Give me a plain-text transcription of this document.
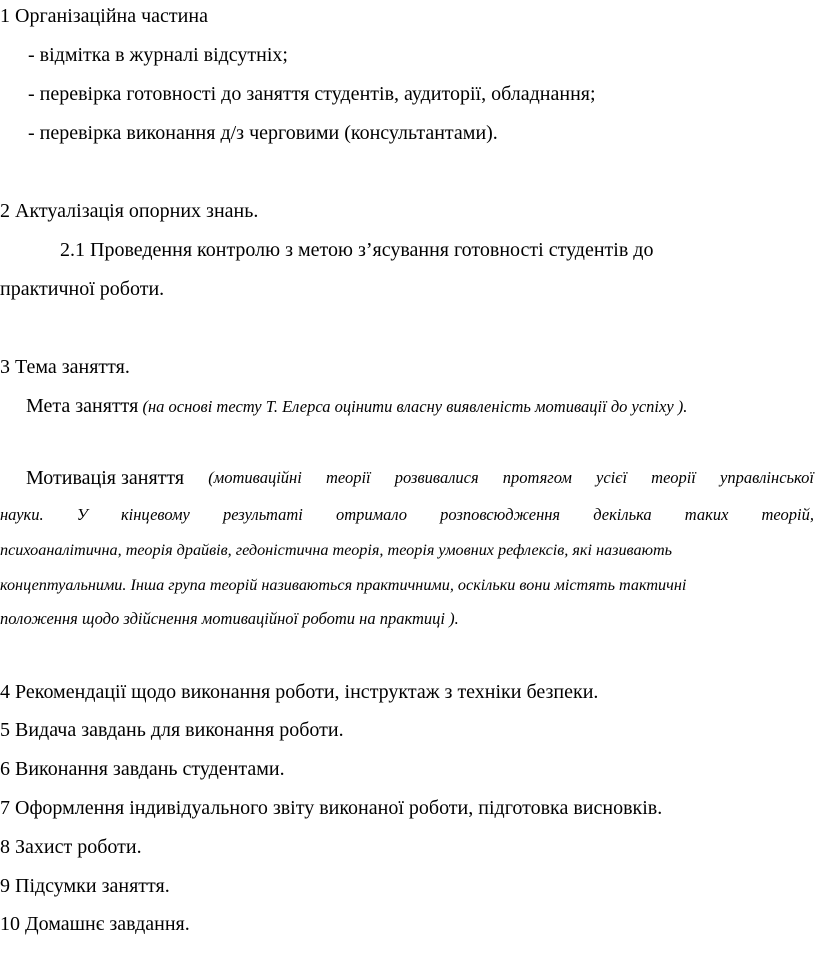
1 Організаційна частина

- відмітка в журналі відсутніх;

- перевірка готовності до заняття студентів, аудиторії, обладнання;

- перевірка виконання д/з черговими (консультантами).

2 Актуалізація опорних знань.

2.1 Проведення контролю з метою з’ясування готовності студентів до

практичної роботи.

3 Тема заняття.

Мета заняття (на основі тесту Т. Елерса оцінити власну виявленість мотивації до успіху ).

Мотивація заняття (мотиваційні теорії розвивалися протягом усієї теорії управлінської
науки. У кінцевому результаті отримало розповсюдження декілька таких теорій,

психоаналітична, теорія драйвів, гедоністична теорія, теорія умовних рефлексів, які називають

концептуальними. Інша група теорій називаються практичними, оскільки вони містять тактичні

положення щодо здійснення мотиваційної роботи на практиці ).

4 Рекомендації щодо виконання роботи, інструктаж з техніки безпеки.

5 Видача завдань для виконання роботи.

6 Виконання завдань студентами.

7 Оформлення індивідуального звіту виконаної роботи, підготовка висновків.

8 Захист роботи.

9 Підсумки заняття.

10 Домашнє завдання.
